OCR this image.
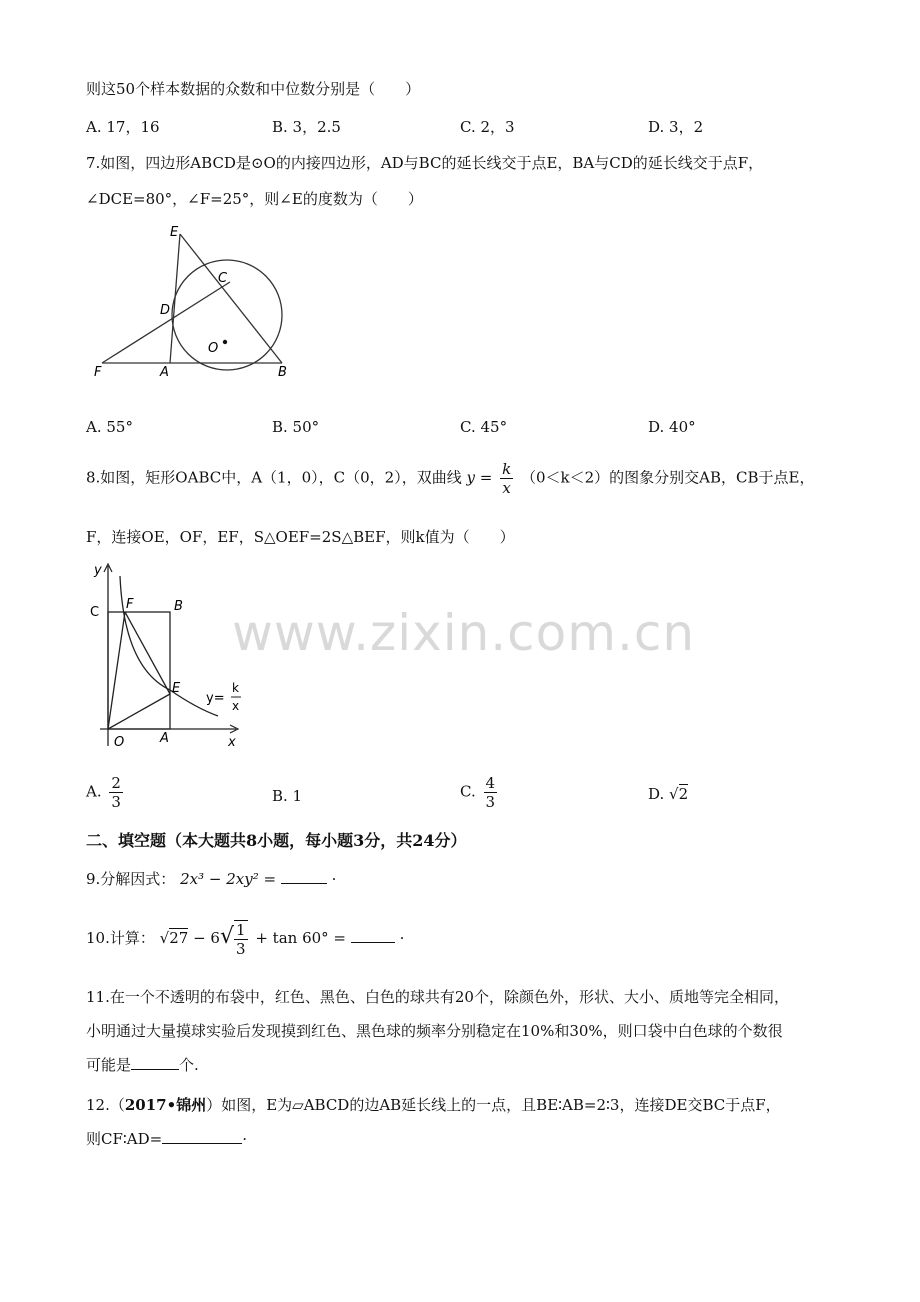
则这50个样本数据的众数和中位数分别是（　　）
A. 17，16	B. 3，2.5	C. 2，3	D. 3，2
7.如图，四边形ABCD是⊙O的内接四边形，AD与BC的延长线交于点E，BA与CD的延长线交于点F，
∠DCE=80°，∠F=25°，则∠E的度数为（　　）
E
C
D
O
F	A	B
A. 55°	B. 50°	C. 45°	D. 40°
8.如图，矩形OABC中，A（1，0），C（0，2），双曲线 $y = \frac{k}{x} (0<k<2)$的图象分别交AB，CB于点E，
F，连接OE，OF，EF，S△OEF=2S△BEF，则k值为（　　）
y
C
F	B
E
O	A	x
y=
k
x
www.zixin.com.cn
A. $\frac{2}{3}$	B. 1	C. $\frac{4}{3}$	D. √2
二、填空题（本大题共8小题，每小题3分，共24分）
9.分解因式： 2x³ − 2xy² =	·
10.计算： $√27 - 6√ \frac{1}{3} + \tan 60^\circ$ =	·
11.在一个不透明的布袋中，红色、黑色、白色的球共有20个，除颜色外，形状、大小、质地等完全相同，
小明通过大量摸球实验后发现摸到红色、黑色球的频率分别稳定在10%和30%，则口袋中白色球的个数很
可能是	个.
12.（2017•锦州）如图，E为▱ABCD的边AB延长线上的一点，且BE∶AB=2∶3，连接DE交BC于点F，
则CF∶AD=	·
